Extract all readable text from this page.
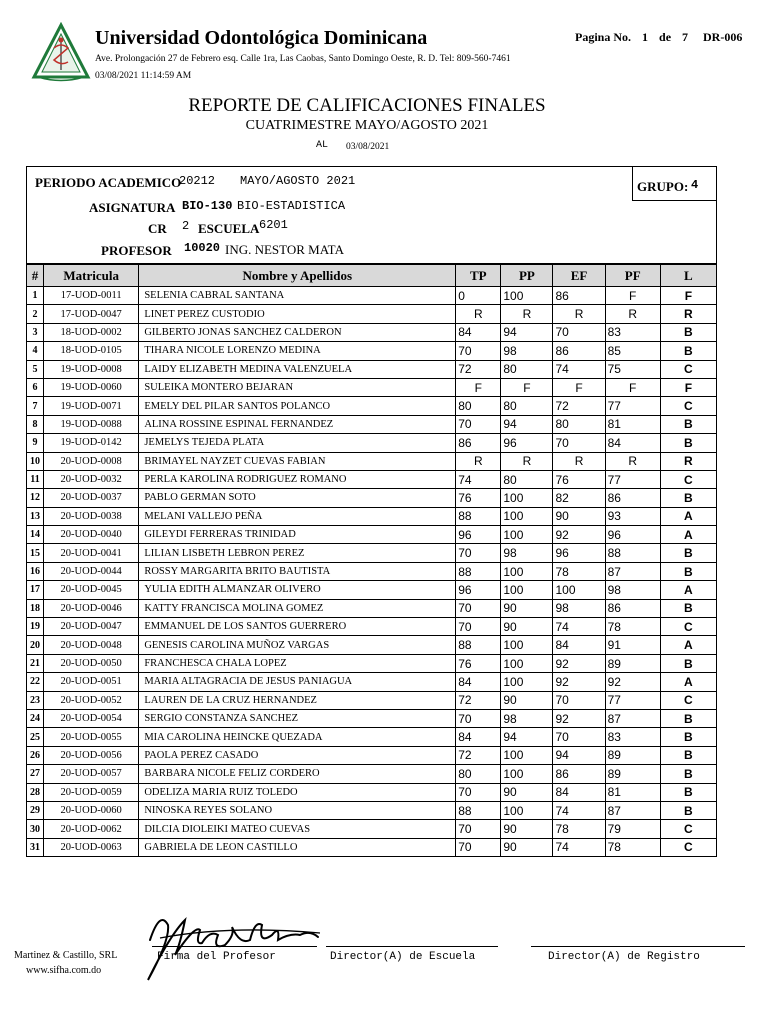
Universidad Odontológica Dominicana
Ave. Prolongación 27 de Febrero esq. Calle 1ra, Las Caobas, Santo Domingo Oeste, R. D. Tel: 809-560-7461
03/08/2021 11:14:59 AM
Pagina No. 1 de 7 DR-006
REPORTE DE CALIFICACIONES FINALES
CUATRIMESTRE MAYO/AGOSTO 2021
AL 03/08/2021
PERIODO ACADEMICO
20212 MAYO/AGOSTO 2021	GRUPO: 4
ASIGNATURA BIO-130 BIO-ESTADISTICA
CR 2 ESCUELA 6201
PROFESOR 10020 ING. NESTOR MATA
#	Matricula	Nombre y Apellidos	TP	PP	EF	PF	L
1	17-UOD-0011	SELENIA CABRAL SANTANA	0	100	86	F	F
2	17-UOD-0047	LINET PEREZ CUSTODIO	R	R	R	R	R
3	18-UOD-0002	GILBERTO JONAS SANCHEZ CALDERON	84	94	70	83	B
4	18-UOD-0105	TIHARA NICOLE LORENZO MEDINA	70	98	86	85	B
5	19-UOD-0008	LAIDY ELIZABETH MEDINA VALENZUELA	72	80	74	75	C
6	19-UOD-0060	SULEIKA MONTERO BEJARAN	F	F	F	F	F
7	19-UOD-0071	EMELY DEL PILAR SANTOS POLANCO	80	80	72	77	C
8	19-UOD-0088	ALINA ROSSINE ESPINAL FERNANDEZ	70	94	80	81	B
9	19-UOD-0142	JEMELYS TEJEDA PLATA	86	96	70	84	B
10	20-UOD-0008	BRIMAYEL NAYZET CUEVAS FABIAN	R	R	R	R	R
11	20-UOD-0032	PERLA KAROLINA RODRIGUEZ ROMANO	74	80	76	77	C
12	20-UOD-0037	PABLO GERMAN SOTO	76	100	82	86	B
13	20-UOD-0038	MELANI VALLEJO PEÑA	88	100	90	93	A
14	20-UOD-0040	GILEYDI FERRERAS TRINIDAD	96	100	92	96	A
15	20-UOD-0041	LILIAN LISBETH LEBRON PEREZ	70	98	96	88	B
16	20-UOD-0044	ROSSY MARGARITA BRITO BAUTISTA	88	100	78	87	B
17	20-UOD-0045	YULIA EDITH ALMANZAR OLIVERO	96	100	100	98	A
18	20-UOD-0046	KATTY FRANCISCA MOLINA GOMEZ	70	90	98	86	B
19	20-UOD-0047	EMMANUEL DE LOS SANTOS GUERRERO	70	90	74	78	C
20	20-UOD-0048	GENESIS CAROLINA MUÑOZ VARGAS	88	100	84	91	A
21	20-UOD-0050	FRANCHESCA CHALA LOPEZ	76	100	92	89	B
22	20-UOD-0051	MARIA ALTAGRACIA DE JESUS PANIAGUA	84	100	92	92	A
23	20-UOD-0052	LAUREN DE LA CRUZ HERNANDEZ	72	90	70	77	C
24	20-UOD-0054	SERGIO CONSTANZA SANCHEZ	70	98	92	87	B
25	20-UOD-0055	MIA CAROLINA HEINCKE QUEZADA	84	94	70	83	B
26	20-UOD-0056	PAOLA PEREZ CASADO	72	100	94	89	B
27	20-UOD-0057	BARBARA NICOLE FELIZ CORDERO	80	100	86	89	B
28	20-UOD-0059	ODELIZA MARIA RUIZ TOLEDO	70	90	84	81	B
29	20-UOD-0060	NINOSKA REYES SOLANO	88	100	74	87	B
30	20-UOD-0062	DILCIA DIOLEIKI MATEO CUEVAS	70	90	78	79	C
31	20-UOD-0063	GABRIELA DE LEON CASTILLO	70	90	74	78	C
Martinez & Castillo, SRL
www.sifha.com.do
Firma del Profesor	Director(A) de Escuela	Director(A) de Registro
